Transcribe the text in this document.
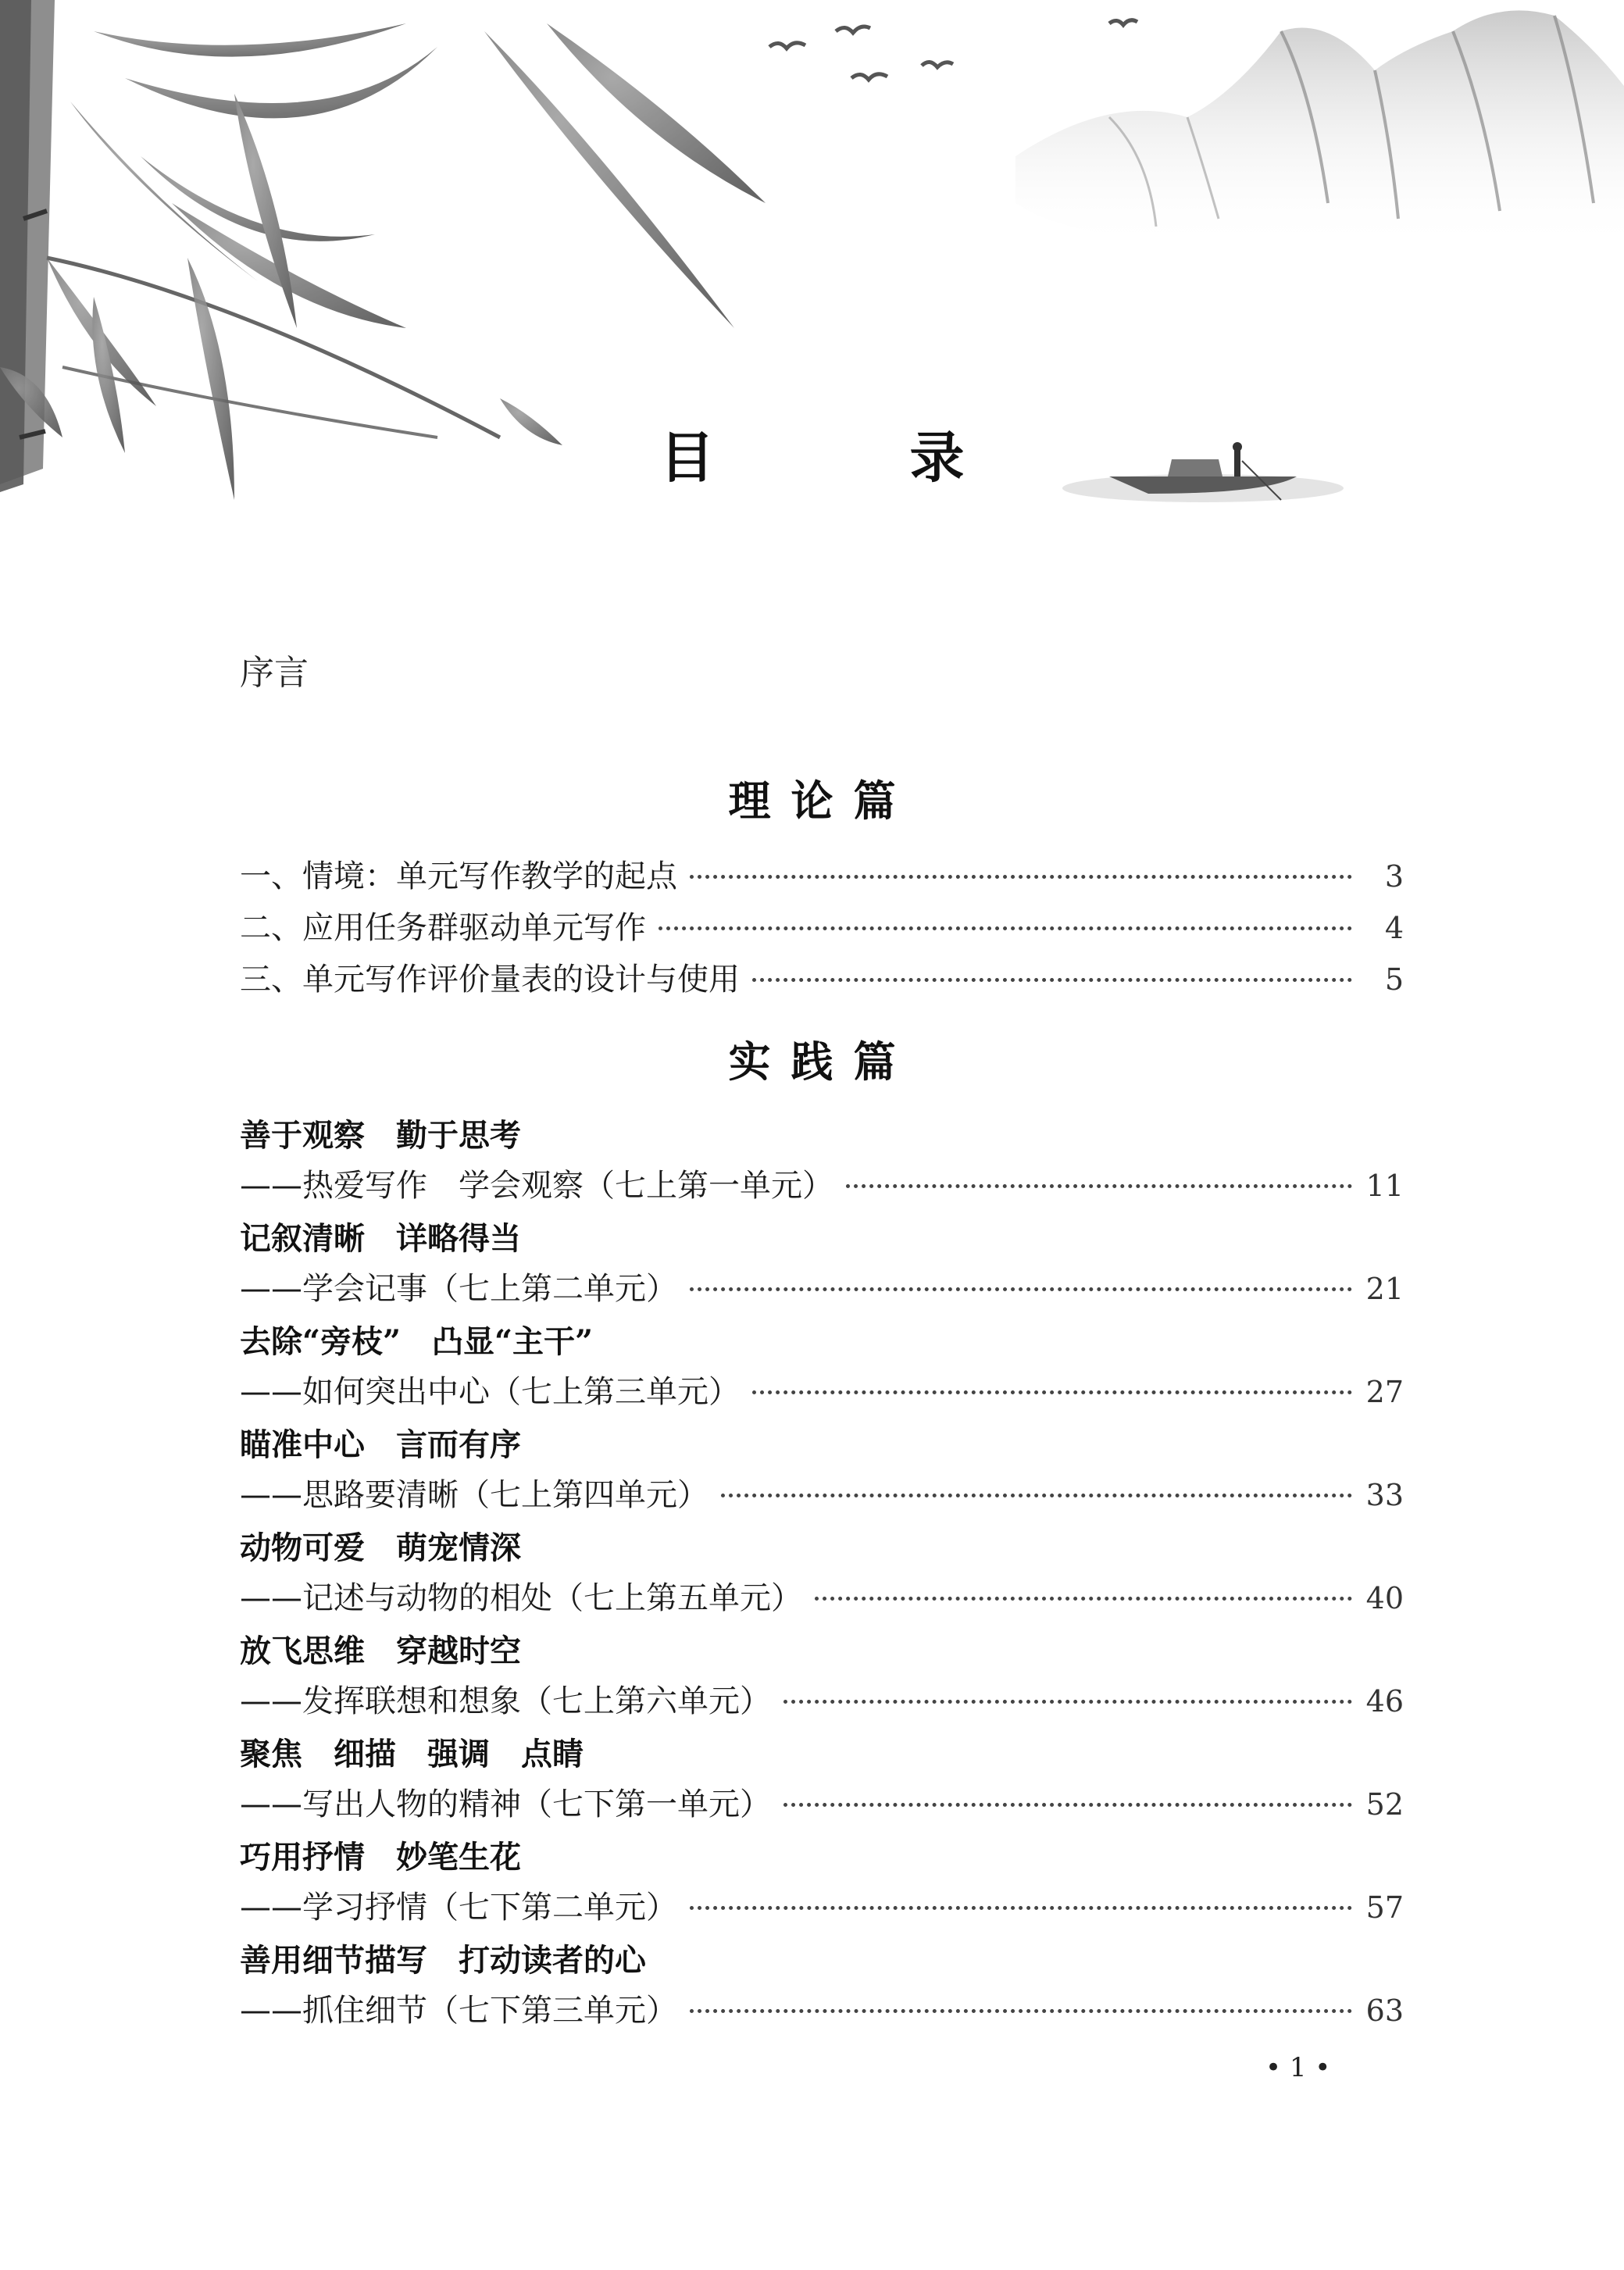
目　录
序言
理论篇
一、情境：单元写作教学的起点	3
二、应用任务群驱动单元写作	4
三、单元写作评价量表的设计与使用	5
实践篇
善于观察　勤于思考
——热爱写作　学会观察（七上第一单元）	11
记叙清晰　详略得当
——学会记事（七上第二单元）	21
去除“旁枝”　凸显“主干”
——如何突出中心（七上第三单元）	27
瞄准中心　言而有序
——思路要清晰（七上第四单元）	33
动物可爱　萌宠情深
——记述与动物的相处（七上第五单元）	40
放飞思维　穿越时空
——发挥联想和想象（七上第六单元）	46
聚焦　细描　强调　点睛
——写出人物的精神（七下第一单元）	52
巧用抒情　妙笔生花
——学习抒情（七下第二单元）	57
善用细节描写　打动读者的心
——抓住细节（七下第三单元）	63
• 1 •
